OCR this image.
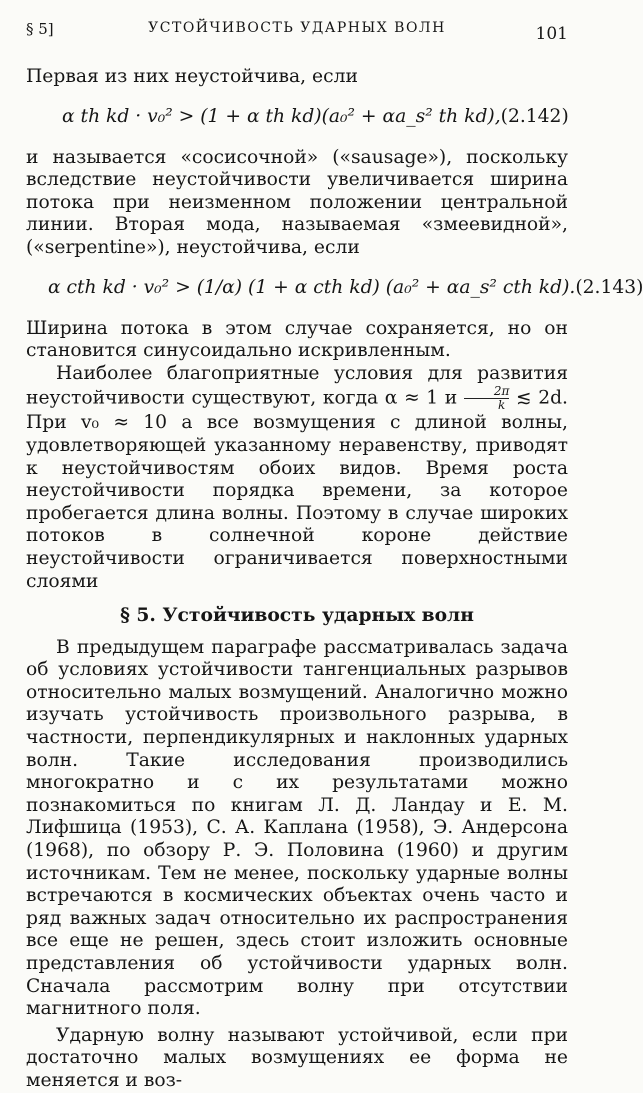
§ 5]	УСТОЙЧИВОСТЬ УДАРНЫХ ВОЛН	101

Первая из них неустойчива, если

α th kd · v₀² > (1 + α th kd)(a₀² + αa_s² th kd), (2.142)

и называется «сосисочной» («sausage»), поскольку вследствие неустойчивости увеличивается ширина потока при неизменном положении центральной линии. Вторая мода, называемая «змеевидной», («serpentine»), неустойчива, если

α cth kd · v₀² > (1/α) (1 + α cth kd) (a₀² + αa_s² cth kd). (2.143)

Ширина потока в этом случае сохраняется, но он становится синусоидально искривленным.

Наиболее благоприятные условия для развития неустойчивости существуют, когда α ≈ 1 и $\frac{2\pi}{k}$ ≲ 2d. При v₀ ≈ 10 a все возмущения с длиной волны, удовлетворяющей указанному неравенству, приводят к неустойчивостям обоих видов. Время роста неустойчивости порядка времени, за которое пробегается длина волны. Поэтому в случае широких потоков в солнечной короне действие неустойчивости ограничивается поверхностными слоями

§ 5. Устойчивость ударных волн

В предыдущем параграфе рассматривалась задача об условиях устойчивости тангенциальных разрывов относительно малых возмущений. Аналогично можно изучать устойчивость произвольного разрыва, в частности, перпендикулярных и наклонных ударных волн. Такие исследования производились многократно и с их результатами можно познакомиться по книгам Л. Д. Ландау и Е. М. Лифшица (1953), С. А. Каплана (1958), Э. Андерсона (1968), по обзору Р. Э. Половина (1960) и другим источникам. Тем не менее, поскольку ударные волны встречаются в космических объектах очень часто и ряд важных задач относительно их распространения все еще не решен, здесь стоит изложить основные представления об устойчивости ударных волн. Сначала рассмотрим волну при отсутствии магнитного поля.

Ударную волну называют устойчивой, если при достаточно малых возмущениях ее форма не меняется и воз-
